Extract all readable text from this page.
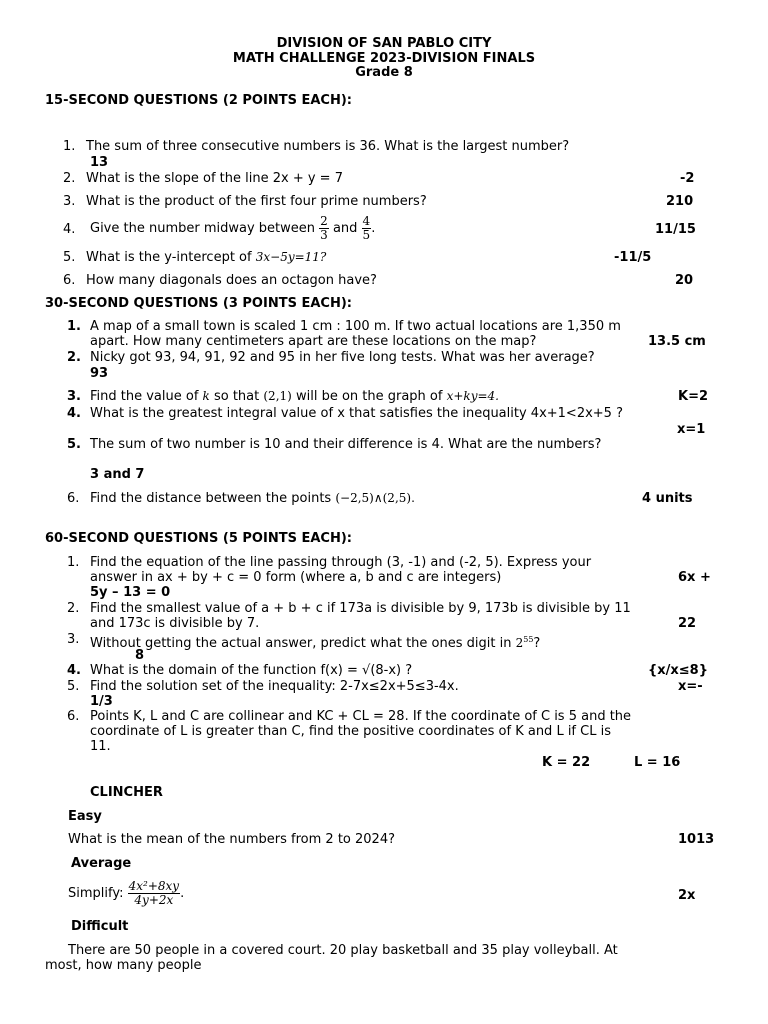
DIVISION OF SAN PABLO CITY
MATH CHALLENGE 2023-DIVISION FINALS
Grade 8
15-SECOND QUESTIONS (2 POINTS EACH):
1. The sum of three consecutive numbers is 36. What is the largest number?
13
2. What is the slope of the line 2x + y = 7	-2
3. What is the product of the first four prime numbers?	210
4. Give the number midway between $\frac{2}{3}$ and $\frac{4}{5}$ .	11/15
5. What is the y-intercept of 3x−5y=11?	-11/5
6. How many diagonals does an octagon have?	20
30-SECOND QUESTIONS (3 POINTS EACH):
1. A map of a small town is scaled 1 cm : 100 m. If two actual locations are 1,350 m
apart. How many centimeters apart are these locations on the map?	13.5 cm
2. Nicky got 93, 94, 91, 92 and 95 in her five long tests. What was her average?
93
3. Find the value of k so that (2,1) will be on the graph of x+ky=4.	K=2
4. What is the greatest integral value of x that satisfies the inequality 4x+1<2x+5 ?
x=1
5. The sum of two number is 10 and their difference is 4. What are the numbers?
3 and 7
6. Find the distance between the points (−2,5)∧(2,5).	4 units
60-SECOND QUESTIONS (5 POINTS EACH):
1. Find the equation of the line passing through (3, -1) and (-2, 5). Express your
answer in ax + by + c = 0 form (where a, b and c are integers)	6x +
5y – 13 = 0
2. Find the smallest value of a + b + c if 173a is divisible by 9, 173b is divisible by 11
and 173c is divisible by 7.	22
3. Without getting the actual answer, predict what the ones digit in $2^{55}$?
8
4. What is the domain of the function f(x) = √(8-x) ?	{x/x≤8}
5. Find the solution set of the inequality: 2-7x≤2x+5≤3-4x.	x=-
1/3
6. Points K, L and C are collinear and KC + CL = 28. If the coordinate of C is 5 and the
coordinate of L is greater than C, find the positive coordinates of K and L if CL is
11.
K = 22	L = 16
CLINCHER
Easy
What is the mean of the numbers from 2 to 2024?	1013
Average
Simplify: $\frac{\text{4x²+8xy}}{4y+2x}$ .	2x
Difficult
There are 50 people in a covered court. 20 play basketball and 35 play volleyball. At
most, how many people
